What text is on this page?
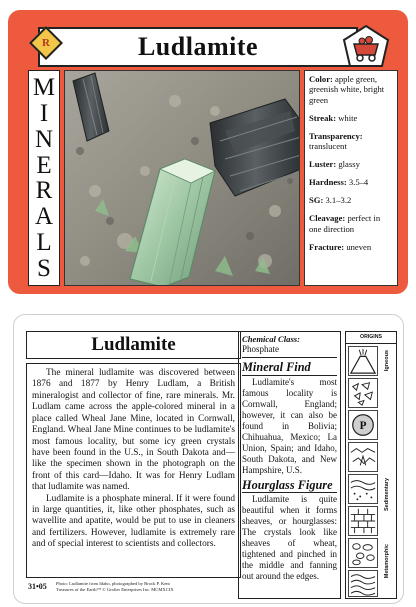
Ludlamite
R
M
I
N
E
R
A
L
S
Color: apple green, greenish white, bright green
Streak: white
Transparency: translucent
Luster: glassy
Hardness: 3.5–4
SG: 3.1–3.2
Cleavage: perfect in one direction
Fracture: uneven
Ludlamite

The mineral ludlamite was discovered between 1876 and 1877 by Henry Ludlam, a British mineralogist and collector of fine, rare minerals. Mr. Ludlam came across the apple-colored mineral in a place called Wheal Jane Mine, located in Cornwall, England. Wheal Jane Mine continues to be ludlamite's most famous locality, but some icy green crystals have been found in the U.S., in South Dakota and—like the specimen shown in the photograph on the front of this card—Idaho. It was for Henry Ludlam that ludlamite was named.

Ludlamite is a phosphate mineral. If it were found in large quantities, it, like other phosphates, such as wavellite and apatite, would be put to use in cleaners and fertilizers. However, ludlamite is extremely rare and of special interest to scientists and collectors.

31•05 Photo: Ludlamite from Idaho, photographed by Brock P. Kent
Treasures of the Earth™ © Grolier Enterprises Inc. MCMXCIX
Chemical Class:
Phosphate
Mineral Find

Ludlamite's most famous locality is Cornwall, England; however, it can also be found in Bolivia; Chihuahua, Mexico; La Union, Spain; and Idaho, South Dakota, and New Hampshire, U.S.

Hourglass Figure

Ludlamite is quite beautiful when it forms sheaves, or hourglasses: The crystals look like sheaves of wheat, tightened and pinched in the middle and fanning out around the edges.

ORIGINS
P
Igneous
Sedimentary
Metamorphic
